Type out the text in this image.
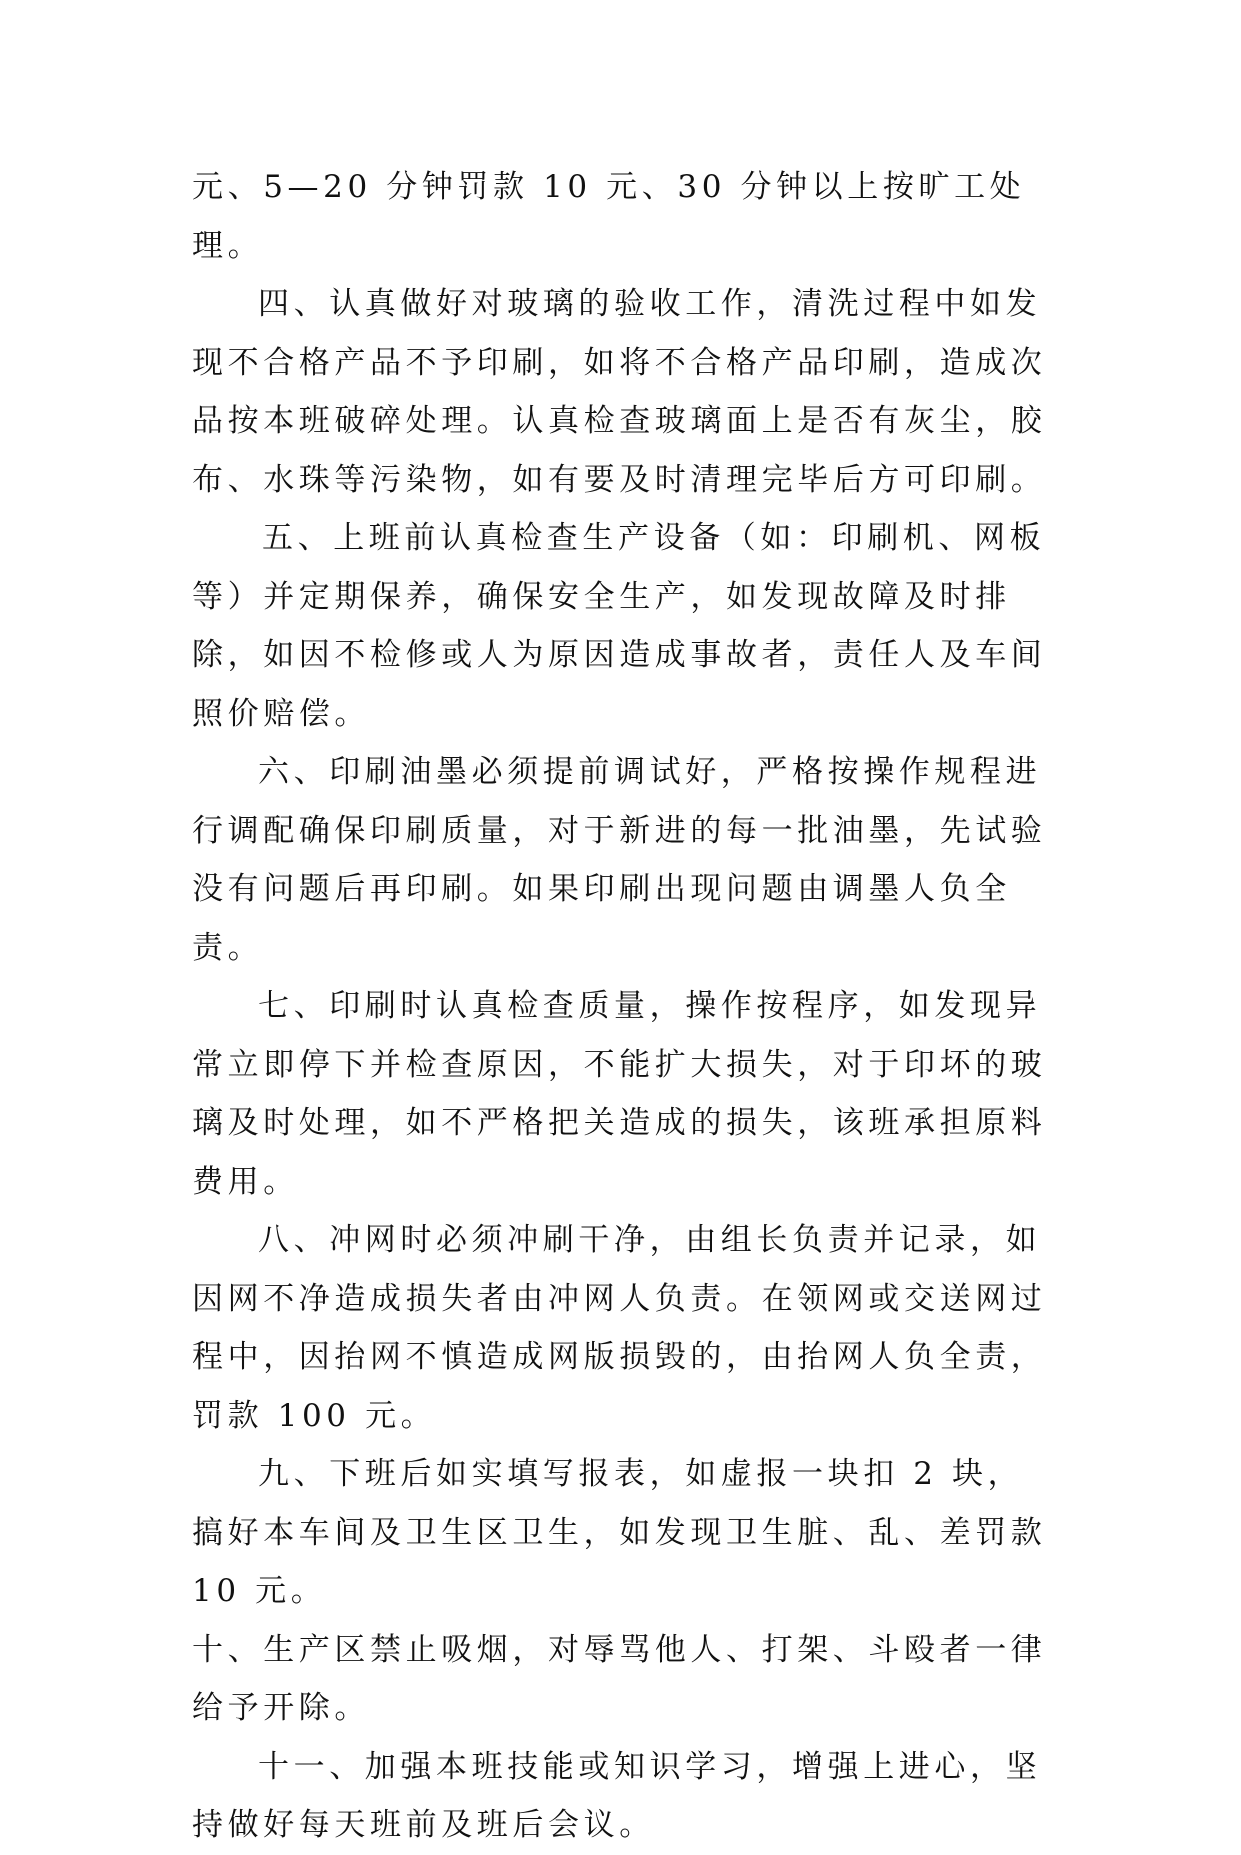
元、5—20 分钟罚款 10 元、30 分钟以上按旷工处理。

四、认真做好对玻璃的验收工作，清洗过程中如发现不合格产品不予印刷，如将不合格产品印刷，造成次品按本班破碎处理。认真检查玻璃面上是否有灰尘，胶布、水珠等污染物，如有要及时清理完毕后方可印刷。

五、上班前认真检查生产设备（如：印刷机、网板等）并定期保养，确保安全生产，如发现故障及时排除，如因不检修或人为原因造成事故者，责任人及车间照价赔偿。

六、印刷油墨必须提前调试好，严格按操作规程进行调配确保印刷质量，对于新进的每一批油墨，先试验没有问题后再印刷。如果印刷出现问题由调墨人负全责。

七、印刷时认真检查质量，操作按程序，如发现异常立即停下并检查原因，不能扩大损失，对于印坏的玻璃及时处理，如不严格把关造成的损失，该班承担原料费用。

八、冲网时必须冲刷干净，由组长负责并记录，如因网不净造成损失者由冲网人负责。在领网或交送网过程中，因抬网不慎造成网版损毁的，由抬网人负全责，罚款 100 元。

九、下班后如实填写报表，如虚报一块扣 2 块，搞好本车间及卫生区卫生，如发现卫生脏、乱、差罚款 10 元。

十、生产区禁止吸烟，对辱骂他人、打架、斗殴者一律给予开除。

十一、加强本班技能或知识学习，增强上进心，坚持做好每天班前及班后会议。
